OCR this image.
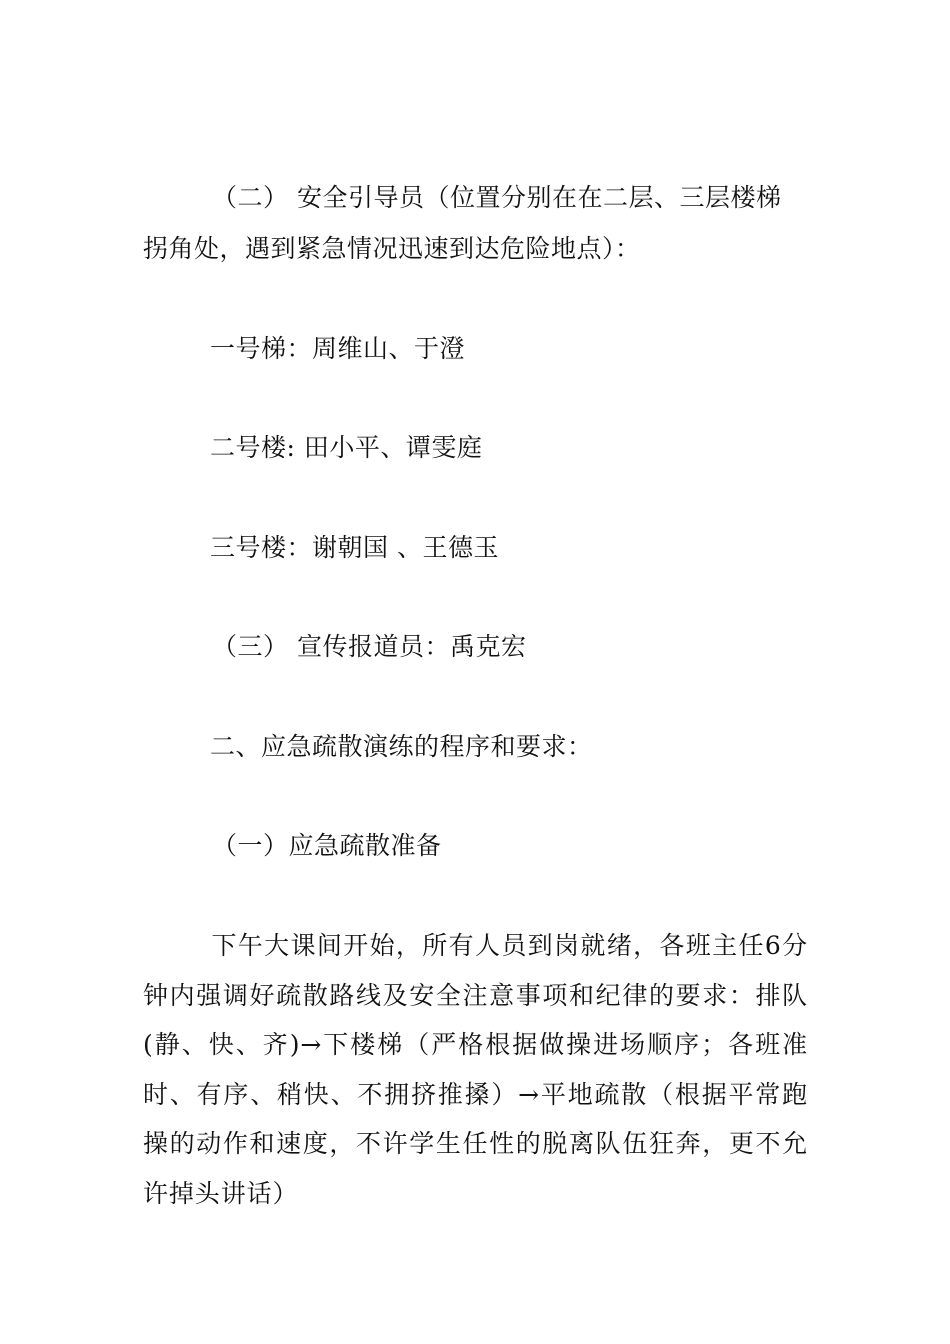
（二） 安全引导员（位置分别在在二层、三层楼梯
拐角处，遇到紧急情况迅速到达危险地点）：
一号梯：周维山、于澄
二号楼: 田小平、谭雯庭
三号楼：谢朝国 、王德玉
（三） 宣传报道员：禹克宏
二、应急疏散演练的程序和要求：
（一）应急疏散准备
下午大课间开始，所有人员到岗就绪，各班主任6分钟内强调好疏散路线及安全注意事项和纪律的要求：排队(静、快、齐)→下楼梯（严格根据做操进场顺序；各班准时、有序、稍快、不拥挤推搡）→平地疏散（根据平常跑操的动作和速度，不许学生任性的脱离队伍狂奔，更不允许掉头讲话）
